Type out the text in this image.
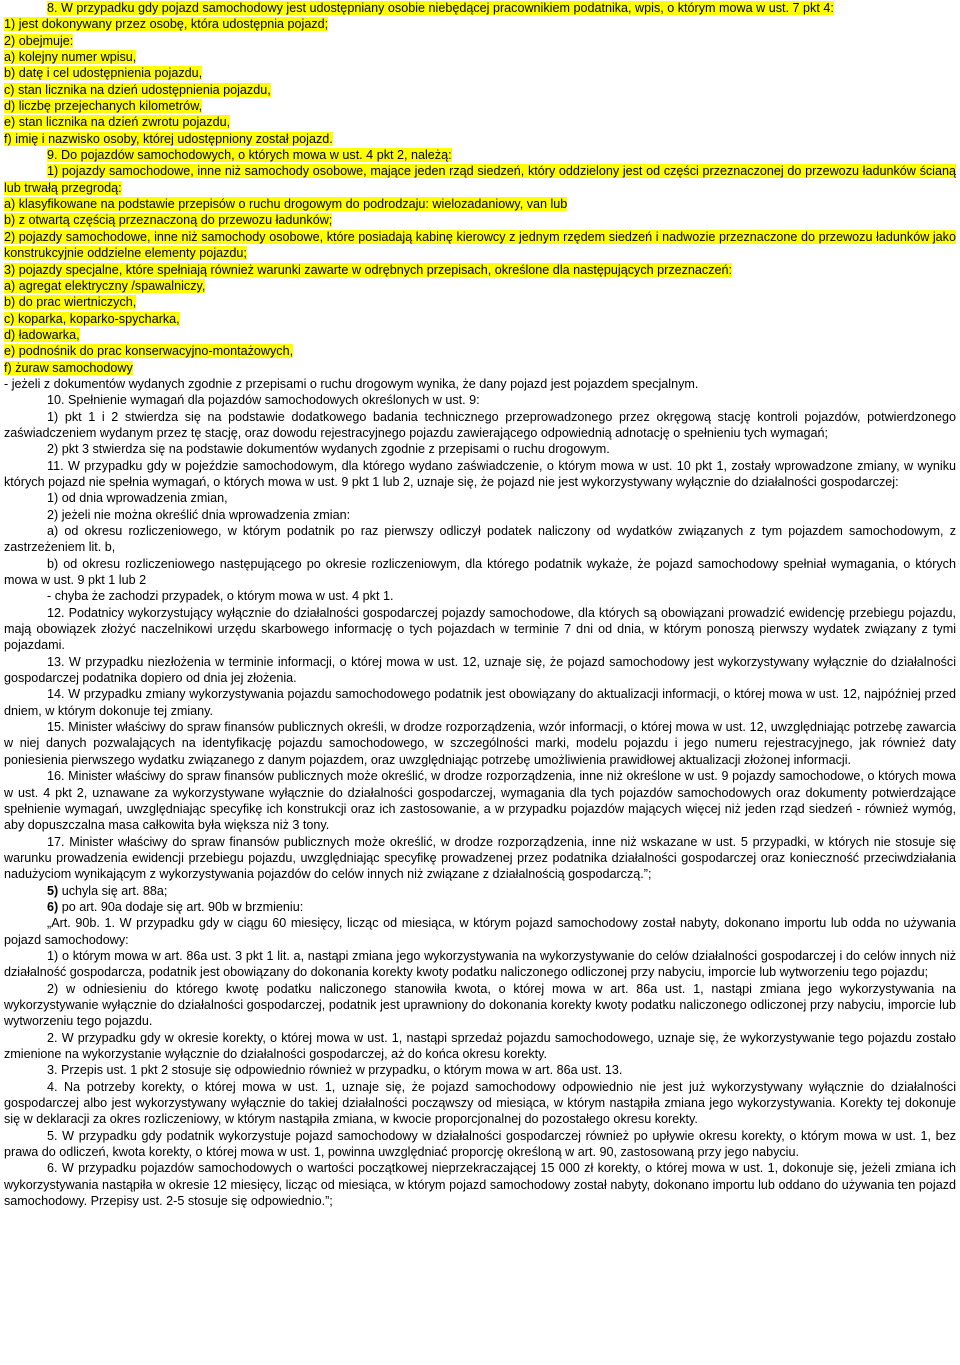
8. W przypadku gdy pojazd samochodowy jest udostępniany osobie niebędącej pracownikiem podatnika, wpis, o którym mowa w ust. 7 pkt 4:

1) jest dokonywany przez osobę, która udostępnia pojazd;

2) obejmuje:

a) kolejny numer wpisu,

b) datę i cel udostępnienia pojazdu,

c) stan licznika na dzień udostępnienia pojazdu,

d) liczbę przejechanych kilometrów,

e) stan licznika na dzień zwrotu pojazdu,

f) imię i nazwisko osoby, której udostępniony został pojazd.

9. Do pojazdów samochodowych, o których mowa w ust. 4 pkt 2, należą:

1) pojazdy samochodowe, inne niż samochody osobowe, mające jeden rząd siedzeń, który oddzielony jest od części przeznaczonej do przewozu ładunków ścianą lub trwałą przegrodą:

a) klasyfikowane na podstawie przepisów o ruchu drogowym do podrodzaju: wielozadaniowy, van lub

b) z otwartą częścią przeznaczoną do przewozu ładunków;

2) pojazdy samochodowe, inne niż samochody osobowe, które posiadają kabinę kierowcy z jednym rzędem siedzeń i nadwozie przeznaczone do przewozu ładunków jako konstrukcyjnie oddzielne elementy pojazdu;

3) pojazdy specjalne, które spełniają również warunki zawarte w odrębnych przepisach, określone dla następujących przeznaczeń:

a) agregat elektryczny /spawalniczy,

b) do prac wiertniczych,

c) koparka, koparko-spycharka,

d) ładowarka,

e) podnośnik do prac konserwacyjno-montażowych,

f) żuraw samochodowy

- jeżeli z dokumentów wydanych zgodnie z przepisami o ruchu drogowym wynika, że dany pojazd jest pojazdem specjalnym.

10. Spełnienie wymagań dla pojazdów samochodowych określonych w ust. 9:

1) pkt 1 i 2 stwierdza się na podstawie dodatkowego badania technicznego przeprowadzonego przez okręgową stację kontroli pojazdów, potwierdzonego zaświadczeniem wydanym przez tę stację, oraz dowodu rejestracyjnego pojazdu zawierającego odpowiednią adnotację o spełnieniu tych wymagań;

2) pkt 3 stwierdza się na podstawie dokumentów wydanych zgodnie z przepisami o ruchu drogowym.

11. W przypadku gdy w pojeździe samochodowym, dla którego wydano zaświadczenie, o którym mowa w ust. 10 pkt 1, zostały wprowadzone zmiany, w wyniku których pojazd nie spełnia wymagań, o których mowa w ust. 9 pkt 1 lub 2, uznaje się, że pojazd nie jest wykorzystywany wyłącznie do działalności gospodarczej:

1) od dnia wprowadzenia zmian,

2) jeżeli nie można określić dnia wprowadzenia zmian:

a) od okresu rozliczeniowego, w którym podatnik po raz pierwszy odliczył podatek naliczony od wydatków związanych z tym pojazdem samochodowym, z zastrzeżeniem lit. b,

b) od okresu rozliczeniowego następującego po okresie rozliczeniowym, dla którego podatnik wykaże, że pojazd samochodowy spełniał wymagania, o których mowa w ust. 9 pkt 1 lub 2

- chyba że zachodzi przypadek, o którym mowa w ust. 4 pkt 1.

12. Podatnicy wykorzystujący wyłącznie do działalności gospodarczej pojazdy samochodowe, dla których są obowiązani prowadzić ewidencję przebiegu pojazdu, mają obowiązek złożyć naczelnikowi urzędu skarbowego informację o tych pojazdach w terminie 7 dni od dnia, w którym ponoszą pierwszy wydatek związany z tymi pojazdami.

13. W przypadku niezłożenia w terminie informacji, o której mowa w ust. 12, uznaje się, że pojazd samochodowy jest wykorzystywany wyłącznie do działalności gospodarczej podatnika dopiero od dnia jej złożenia.

14. W przypadku zmiany wykorzystywania pojazdu samochodowego podatnik jest obowiązany do aktualizacji informacji, o której mowa w ust. 12, najpóźniej przed dniem, w którym dokonuje tej zmiany.

15. Minister właściwy do spraw finansów publicznych określi, w drodze rozporządzenia, wzór informacji, o której mowa w ust. 12, uwzględniając potrzebę zawarcia w niej danych pozwalających na identyfikację pojazdu samochodowego, w szczególności marki, modelu pojazdu i jego numeru rejestracyjnego, jak również daty poniesienia pierwszego wydatku związanego z danym pojazdem, oraz uwzględniając potrzebę umożliwienia prawidłowej aktualizacji złożonej informacji.

16. Minister właściwy do spraw finansów publicznych może określić, w drodze rozporządzenia, inne niż określone w ust. 9 pojazdy samochodowe, o których mowa w ust. 4 pkt 2, uznawane za wykorzystywane wyłącznie do działalności gospodarczej, wymagania dla tych pojazdów samochodowych oraz dokumenty potwierdzające spełnienie wymagań, uwzględniając specyfikę ich konstrukcji oraz ich zastosowanie, a w przypadku pojazdów mających więcej niż jeden rząd siedzeń - również wymóg, aby dopuszczalna masa całkowita była większa niż 3 tony.

17. Minister właściwy do spraw finansów publicznych może określić, w drodze rozporządzenia, inne niż wskazane w ust. 5 przypadki, w których nie stosuje się warunku prowadzenia ewidencji przebiegu pojazdu, uwzględniając specyfikę prowadzenej przez podatnika działalności gospodarczej oraz konieczność przeciwdziałania nadużyciom wynikającym z wykorzystywania pojazdów do celów innych niż związane z działalnością gospodarczą.”;

5) uchyla się art. 88a;

6) po art. 90a dodaje się art. 90b w brzmieniu:

„Art. 90b. 1. W przypadku gdy w ciągu 60 miesięcy, licząc od miesiąca, w którym pojazd samochodowy został nabyty, dokonano importu lub odda no używania pojazd samochodowy:

1) o którym mowa w art. 86a ust. 3 pkt 1 lit. a, nastąpi zmiana jego wykorzystywania na wykorzystywanie do celów działalności gospodarczej i do celów innych niż działalność gospodarcza, podatnik jest obowiązany do dokonania korekty kwoty podatku naliczonego odliczonej przy nabyciu, imporcie lub wytworzeniu tego pojazdu;

2) w odniesieniu do którego kwotę podatku naliczonego stanowiła kwota, o której mowa w art. 86a ust. 1, nastąpi zmiana jego wykorzystywania na wykorzystywanie wyłącznie do działalności gospodarczej, podatnik jest uprawniony do dokonania korekty kwoty podatku naliczonego odliczonej przy nabyciu, imporcie lub wytworzeniu tego pojazdu.

2. W przypadku gdy w okresie korekty, o której mowa w ust. 1, nastąpi sprzedaż pojazdu samochodowego, uznaje się, że wykorzystywanie tego pojazdu zostało zmienione na wykorzystanie wyłącznie do działalności gospodarczej, aż do końca okresu korekty.

3. Przepis ust. 1 pkt 2 stosuje się odpowiednio również w przypadku, o którym mowa w art. 86a ust. 13.

4. Na potrzeby korekty, o której mowa w ust. 1, uznaje się, że pojazd samochodowy odpowiednio nie jest już wykorzystywany wyłącznie do działalności gospodarczej albo jest wykorzystywany wyłącznie do takiej działalności począwszy od miesiąca, w którym nastąpiła zmiana jego wykorzystywania. Korekty tej dokonuje się w deklaracji za okres rozliczeniowy, w którym nastąpiła zmiana, w kwocie proporcjonalnej do pozostałego okresu korekty.

5. W przypadku gdy podatnik wykorzystuje pojazd samochodowy w działalności gospodarczej również po upływie okresu korekty, o którym mowa w ust. 1, bez prawa do odliczeń, kwota korekty, o której mowa w ust. 1, powinna uwzględniać proporcję określoną w art. 90, zastosowaną przy jego nabyciu.

6. W przypadku pojazdów samochodowych o wartości początkowej nieprzekraczającej 15 000 zł korekty, o której mowa w ust. 1, dokonuje się, jeżeli zmiana ich wykorzystywania nastąpiła w okresie 12 miesięcy, licząc od miesiąca, w którym pojazd samochodowy został nabyty, dokonano importu lub oddano do używania ten pojazd samochodowy. Przepisy ust. 2-5 stosuje się odpowiednio.”;
